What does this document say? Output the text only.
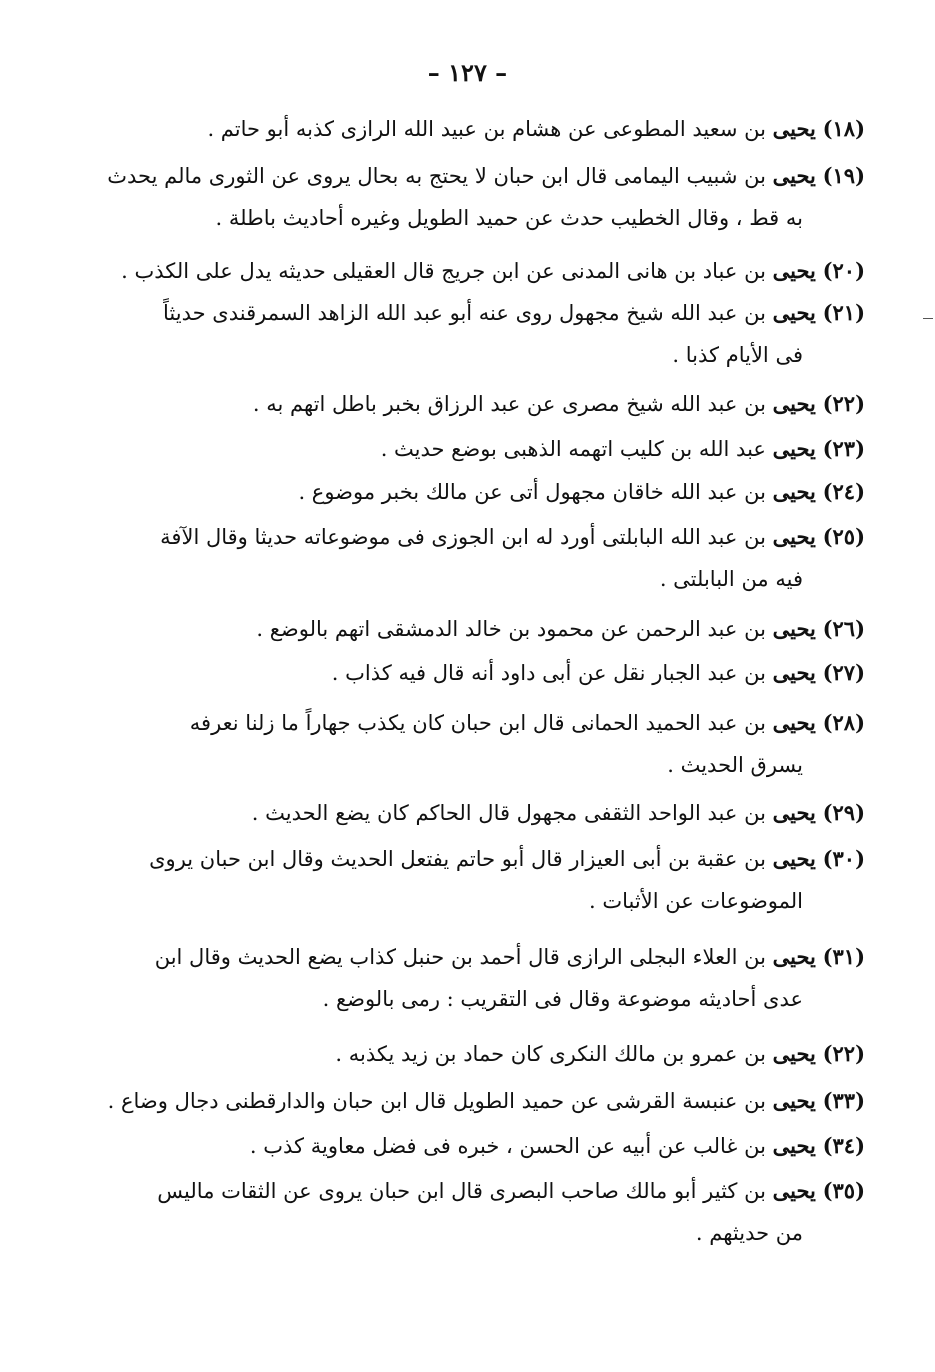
– ١٢٧ –
(١٨) يحيى بن سعيد المطوعى عن هشام بن عبيد الله الرازى كذبه أبو حاتم .
(١٩) يحيى بن شبيب اليمامى قال ابن حبان لا يحتج به بحال يروى عن الثورى مالم يحدث
به قط ، وقال الخطيب حدث عن حميد الطويل وغيره أحاديث باطلة .
(٢٠) يحيى بن عباد بن هانى المدنى عن ابن جريج قال العقيلى حديثه يدل على الكذب .
(٢١) يحيى بن عبد الله شيخ مجهول روى عنه أبو عبد الله الزاهد السمرقندى حديثاً
فى الأيام كذبا .
(٢٢) يحيى بن عبد الله شيخ مصرى عن عبد الرزاق بخبر باطل اتهم به .
(٢٣) يحيى عبد الله بن كليب اتهمه الذهبى بوضع حديث .
(٢٤) يحيى بن عبد الله خاقان مجهول أتى عن مالك بخبر موضوع .
(٢٥) يحيى بن عبد الله البابلتى أورد له ابن الجوزى فى موضوعاته حديثا وقال الآفة
فيه من البابلتى .
(٢٦) يحيى بن عبد الرحمن عن محمود بن خالد الدمشقى اتهم بالوضع .
(٢٧) يحيى بن عبد الجبار نقل عن أبى داود أنه قال فيه كذاب .
(٢٨) يحيى بن عبد الحميد الحمانى قال ابن حبان كان يكذب جهاراً ما زلنا نعرفه
يسرق الحديث .
(٢٩) يحيى بن عبد الواحد الثقفى مجهول قال الحاكم كان يضع الحديث .
(٣٠) يحيى بن عقبة بن أبى العيزار قال أبو حاتم يفتعل الحديث وقال ابن حبان يروى
الموضوعات عن الأثبات .
(٣١) يحيى بن العلاء البجلى الرازى قال أحمد بن حنبل كذاب يضع الحديث وقال ابن
عدى أحاديثه موضوعة وقال فى التقريب : رمى بالوضع .
(٢٢) يحيى بن عمرو بن مالك النكرى كان حماد بن زيد يكذبه .
(٣٣) يحيى بن عنبسة القرشى عن حميد الطويل قال ابن حبان والدارقطنى دجال وضاع .
(٣٤) يحيى بن غالب عن أبيه عن الحسن ، خبره فى فضل معاوية كذب .
(٣٥) يحيى بن كثير أبو مالك صاحب البصرى قال ابن حبان يروى عن الثقات ماليس
من حديثهم .
